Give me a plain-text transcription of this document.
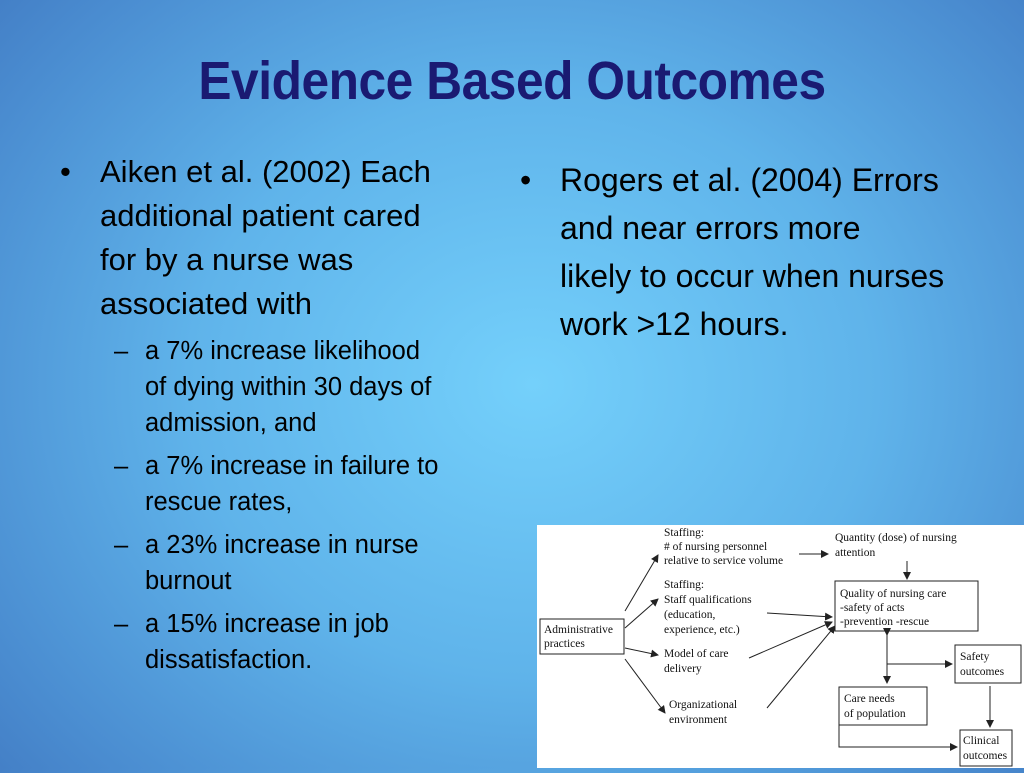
Evidence Based Outcomes

• Aiken et al. (2002) Each
additional patient cared
for by a nurse was
associated with

– a 7% increase likelihood
of dying within 30 days of
admission, and

– a 7% increase in failure to
rescue rates,

– a 23% increase in nurse
burnout

– a 15% increase in job
dissatisfaction.

• Rogers et al. (2004) Errors
and near errors more
likely to occur when nurses
work >12 hours.

Administrative practices
Staffing: # of nursing personnel relative to service volume
Staffing: Staff qualifications (education, experience, etc.)
Model of care delivery
Organizational environment
Quantity (dose) of nursing attention
Quality of nursing care -safety of acts -prevention -rescue
Safety outcomes
Care needs of population
Clinical outcomes
